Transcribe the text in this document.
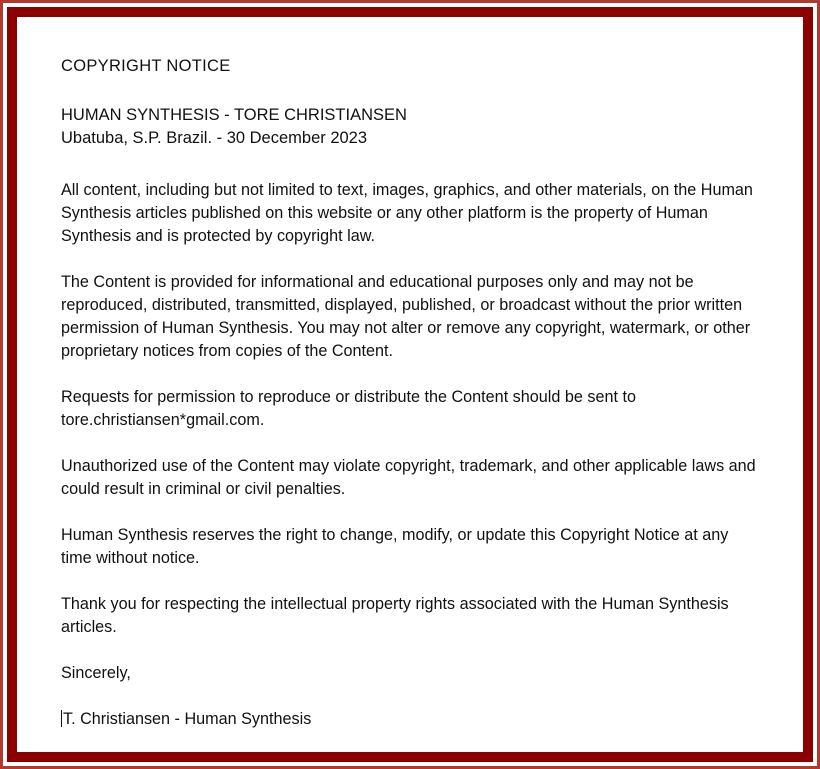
COPYRIGHT NOTICE
HUMAN SYNTHESIS - TORE CHRISTIANSEN
Ubatuba, S.P. Brazil. - 30 December 2023

All content, including but not limited to text, images, graphics, and other materials, on the Human Synthesis articles published on this website or any other platform is the property of Human Synthesis and is protected by copyright law.

The Content is provided for informational and educational purposes only and may not be reproduced, distributed, transmitted, displayed, published, or broadcast without the prior written permission of Human Synthesis. You may not alter or remove any copyright, watermark, or other proprietary notices from copies of the Content.

Requests for permission to reproduce or distribute the Content should be sent to tore.christiansen*gmail.com.

Unauthorized use of the Content may violate copyright, trademark, and other applicable laws and could result in criminal or civil penalties.

Human Synthesis reserves the right to change, modify, or update this Copyright Notice at any time without notice.

Thank you for respecting the intellectual property rights associated with the Human Synthesis articles.

Sincerely,

T. Christiansen - Human Synthesis
